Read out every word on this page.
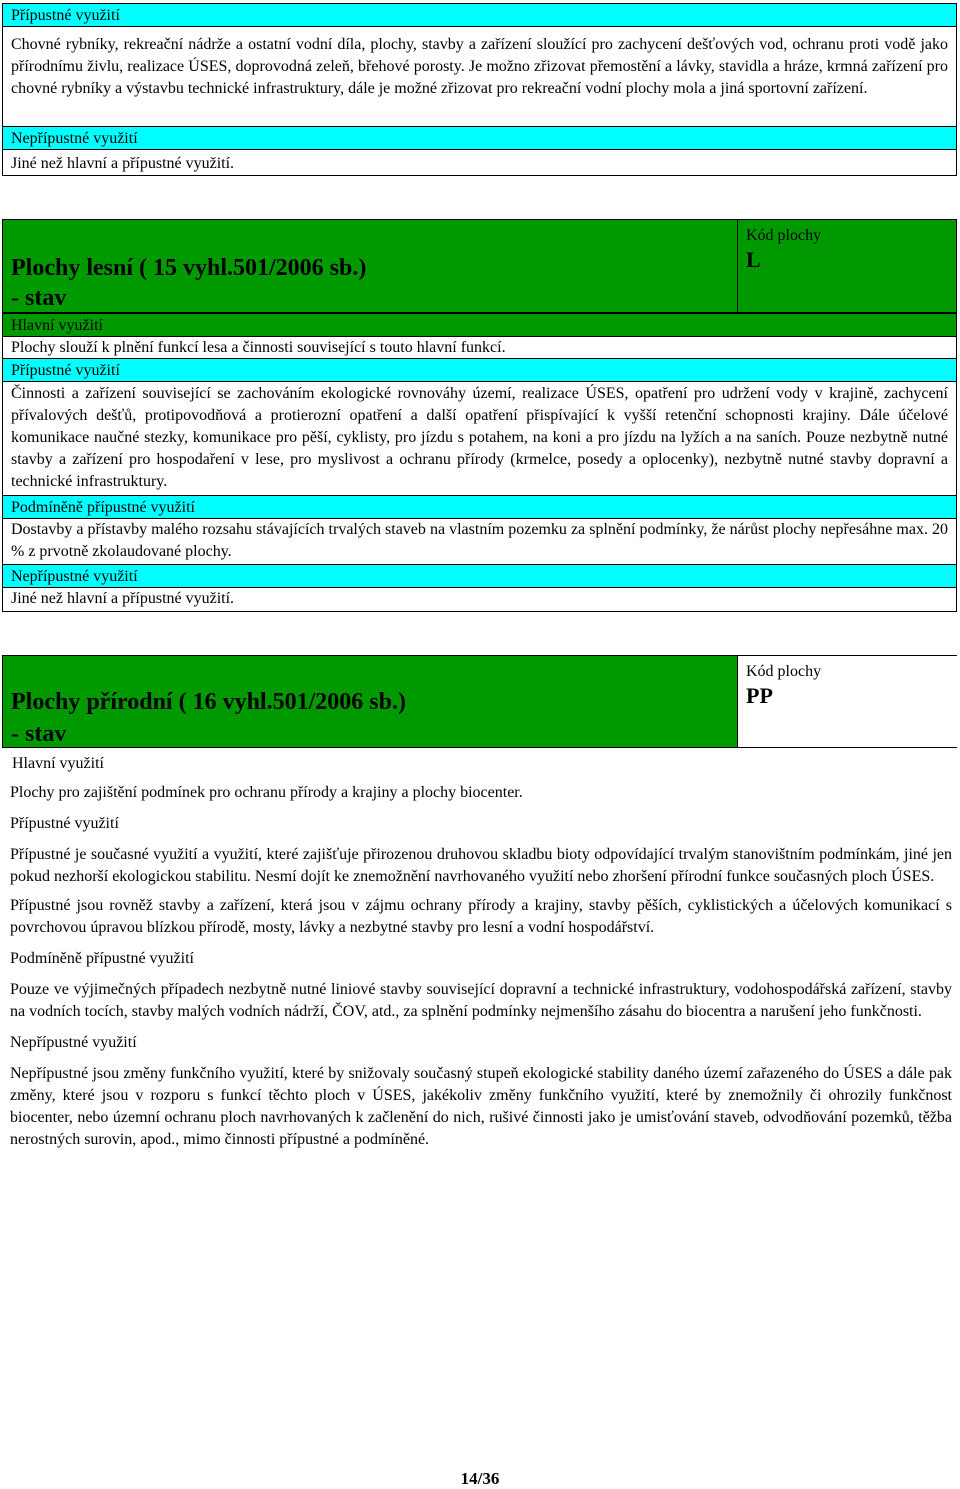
Přípustné využití

Chovné rybníky, rekreační nádrže a ostatní vodní díla, plochy, stavby a zařízení sloužící pro zachycení dešťových vod, ochranu proti vodě jako přírodnímu živlu, realizace ÚSES, doprovodná zeleň, břehové porosty. Je možno zřizovat přemostění a lávky, stavidla a hráze, krmná zařízení pro chovné rybníky a výstavbu technické infrastruktury, dále je možné zřizovat pro rekreační vodní plochy mola a jiná sportovní zařízení.

Nepřípustné využití

Jiné než hlavní a přípustné využití.

Plochy lesní ( 15 vyhl.501/2006 sb.)
- stav
Kód plochy
L
Hlavní využití

Plochy slouží k plnění funkcí lesa a činnosti související s touto hlavní funkcí.

Přípustné využití

Činnosti a zařízení související se zachováním ekologické rovnováhy území, realizace ÚSES, opatření pro udržení vody v krajině, zachycení přívalových dešťů, protipovodňová a protierozní opatření a další opatření přispívající k vyšší retenční schopnosti krajiny. Dále účelové komunikace naučné stezky, komunikace pro pěší, cyklisty, pro jízdu s potahem, na koni a pro jízdu na lyžích a na saních. Pouze nezbytně nutné stavby a zařízení pro hospodaření v lese, pro myslivost a ochranu přírody (krmelce, posedy a oplocenky), nezbytně nutné stavby dopravní a technické infrastruktury.

Podmíněně přípustné využití

Dostavby a přístavby malého rozsahu stávajících trvalých staveb na vlastním pozemku za splnění podmínky, že nárůst plochy nepřesáhne max. 20 % z prvotně zkolaudované plochy.

Nepřípustné využití

Jiné než hlavní a přípustné využití.

Plochy přírodní ( 16 vyhl.501/2006 sb.)
- stav
Kód plochy
PP
Hlavní využití
Plochy pro zajištění podmínek pro ochranu přírody a krajiny a plochy biocenter.
Přípustné využití

Přípustné je současné využití a využití, které zajišťuje přirozenou druhovou skladbu bioty odpovídající trvalým stanovištním podmínkám, jiné jen pokud nezhorší ekologickou stabilitu. Nesmí dojít ke znemožnění navrhovaného využití nebo zhoršení přírodní funkce současných ploch ÚSES.

Přípustné jsou rovněž stavby a zařízení, která jsou v zájmu ochrany přírody a krajiny, stavby pěších, cyklistických a účelových komunikací s povrchovou úpravou blízkou přírodě, mosty, lávky a nezbytné stavby pro lesní a vodní hospodářství.

Podmíněně přípustné využití
Pouze ve výjimečných případech nezbytně nutné liniové stavby související dopravní a technické infrastruktury, vodohospodářská zařízení, stavby na vodních tocích, stavby malých vodních nádrží, ČOV, atd., za splnění podmínky nejmenšího zásahu do biocentra a narušení jeho funkčnosti.
Nepřípustné využití
Nepřípustné jsou změny funkčního využití, které by snižovaly současný stupeň ekologické stability daného území zařazeného do ÚSES a dále pak změny, které jsou v rozporu s funkcí těchto ploch v ÚSES, jakékoliv změny funkčního využití, které by znemožnily či ohrozily funkčnost biocenter, nebo územní ochranu ploch navrhovaných k začlenění do nich, rušivé činnosti jako je umisťování staveb, odvodňování pozemků, těžba nerostných surovin, apod., mimo činnosti přípustné a podmíněné.
14/36
